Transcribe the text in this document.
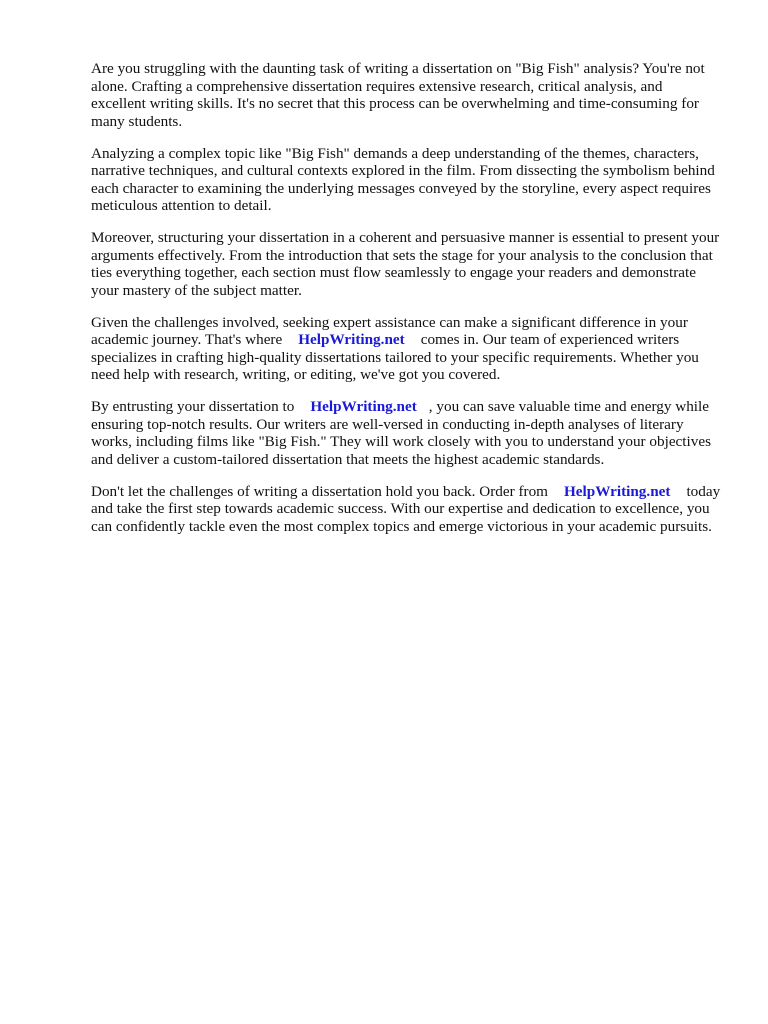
Are you struggling with the daunting task of writing a dissertation on "Big Fish" analysis? You're not alone. Crafting a comprehensive dissertation requires extensive research, critical analysis, and excellent writing skills. It's no secret that this process can be overwhelming and time-consuming for many students.

Analyzing a complex topic like "Big Fish" demands a deep understanding of the themes, characters, narrative techniques, and cultural contexts explored in the film. From dissecting the symbolism behind each character to examining the underlying messages conveyed by the storyline, every aspect requires meticulous attention to detail.

Moreover, structuring your dissertation in a coherent and persuasive manner is essential to present your arguments effectively. From the introduction that sets the stage for your analysis to the conclusion that ties everything together, each section must flow seamlessly to engage your readers and demonstrate your mastery of the subject matter.

Given the challenges involved, seeking expert assistance can make a significant difference in your academic journey. That's where HelpWriting.net comes in. Our team of experienced writers specializes in crafting high-quality dissertations tailored to your specific requirements. Whether you need help with research, writing, or editing, we've got you covered.

By entrusting your dissertation to HelpWriting.net , you can save valuable time and energy while ensuring top-notch results. Our writers are well-versed in conducting in-depth analyses of literary works, including films like "Big Fish." They will work closely with you to understand your objectives and deliver a custom-tailored dissertation that meets the highest academic standards.

Don't let the challenges of writing a dissertation hold you back. Order from HelpWriting.net today and take the first step towards academic success. With our expertise and dedication to excellence, you can confidently tackle even the most complex topics and emerge victorious in your academic pursuits.
